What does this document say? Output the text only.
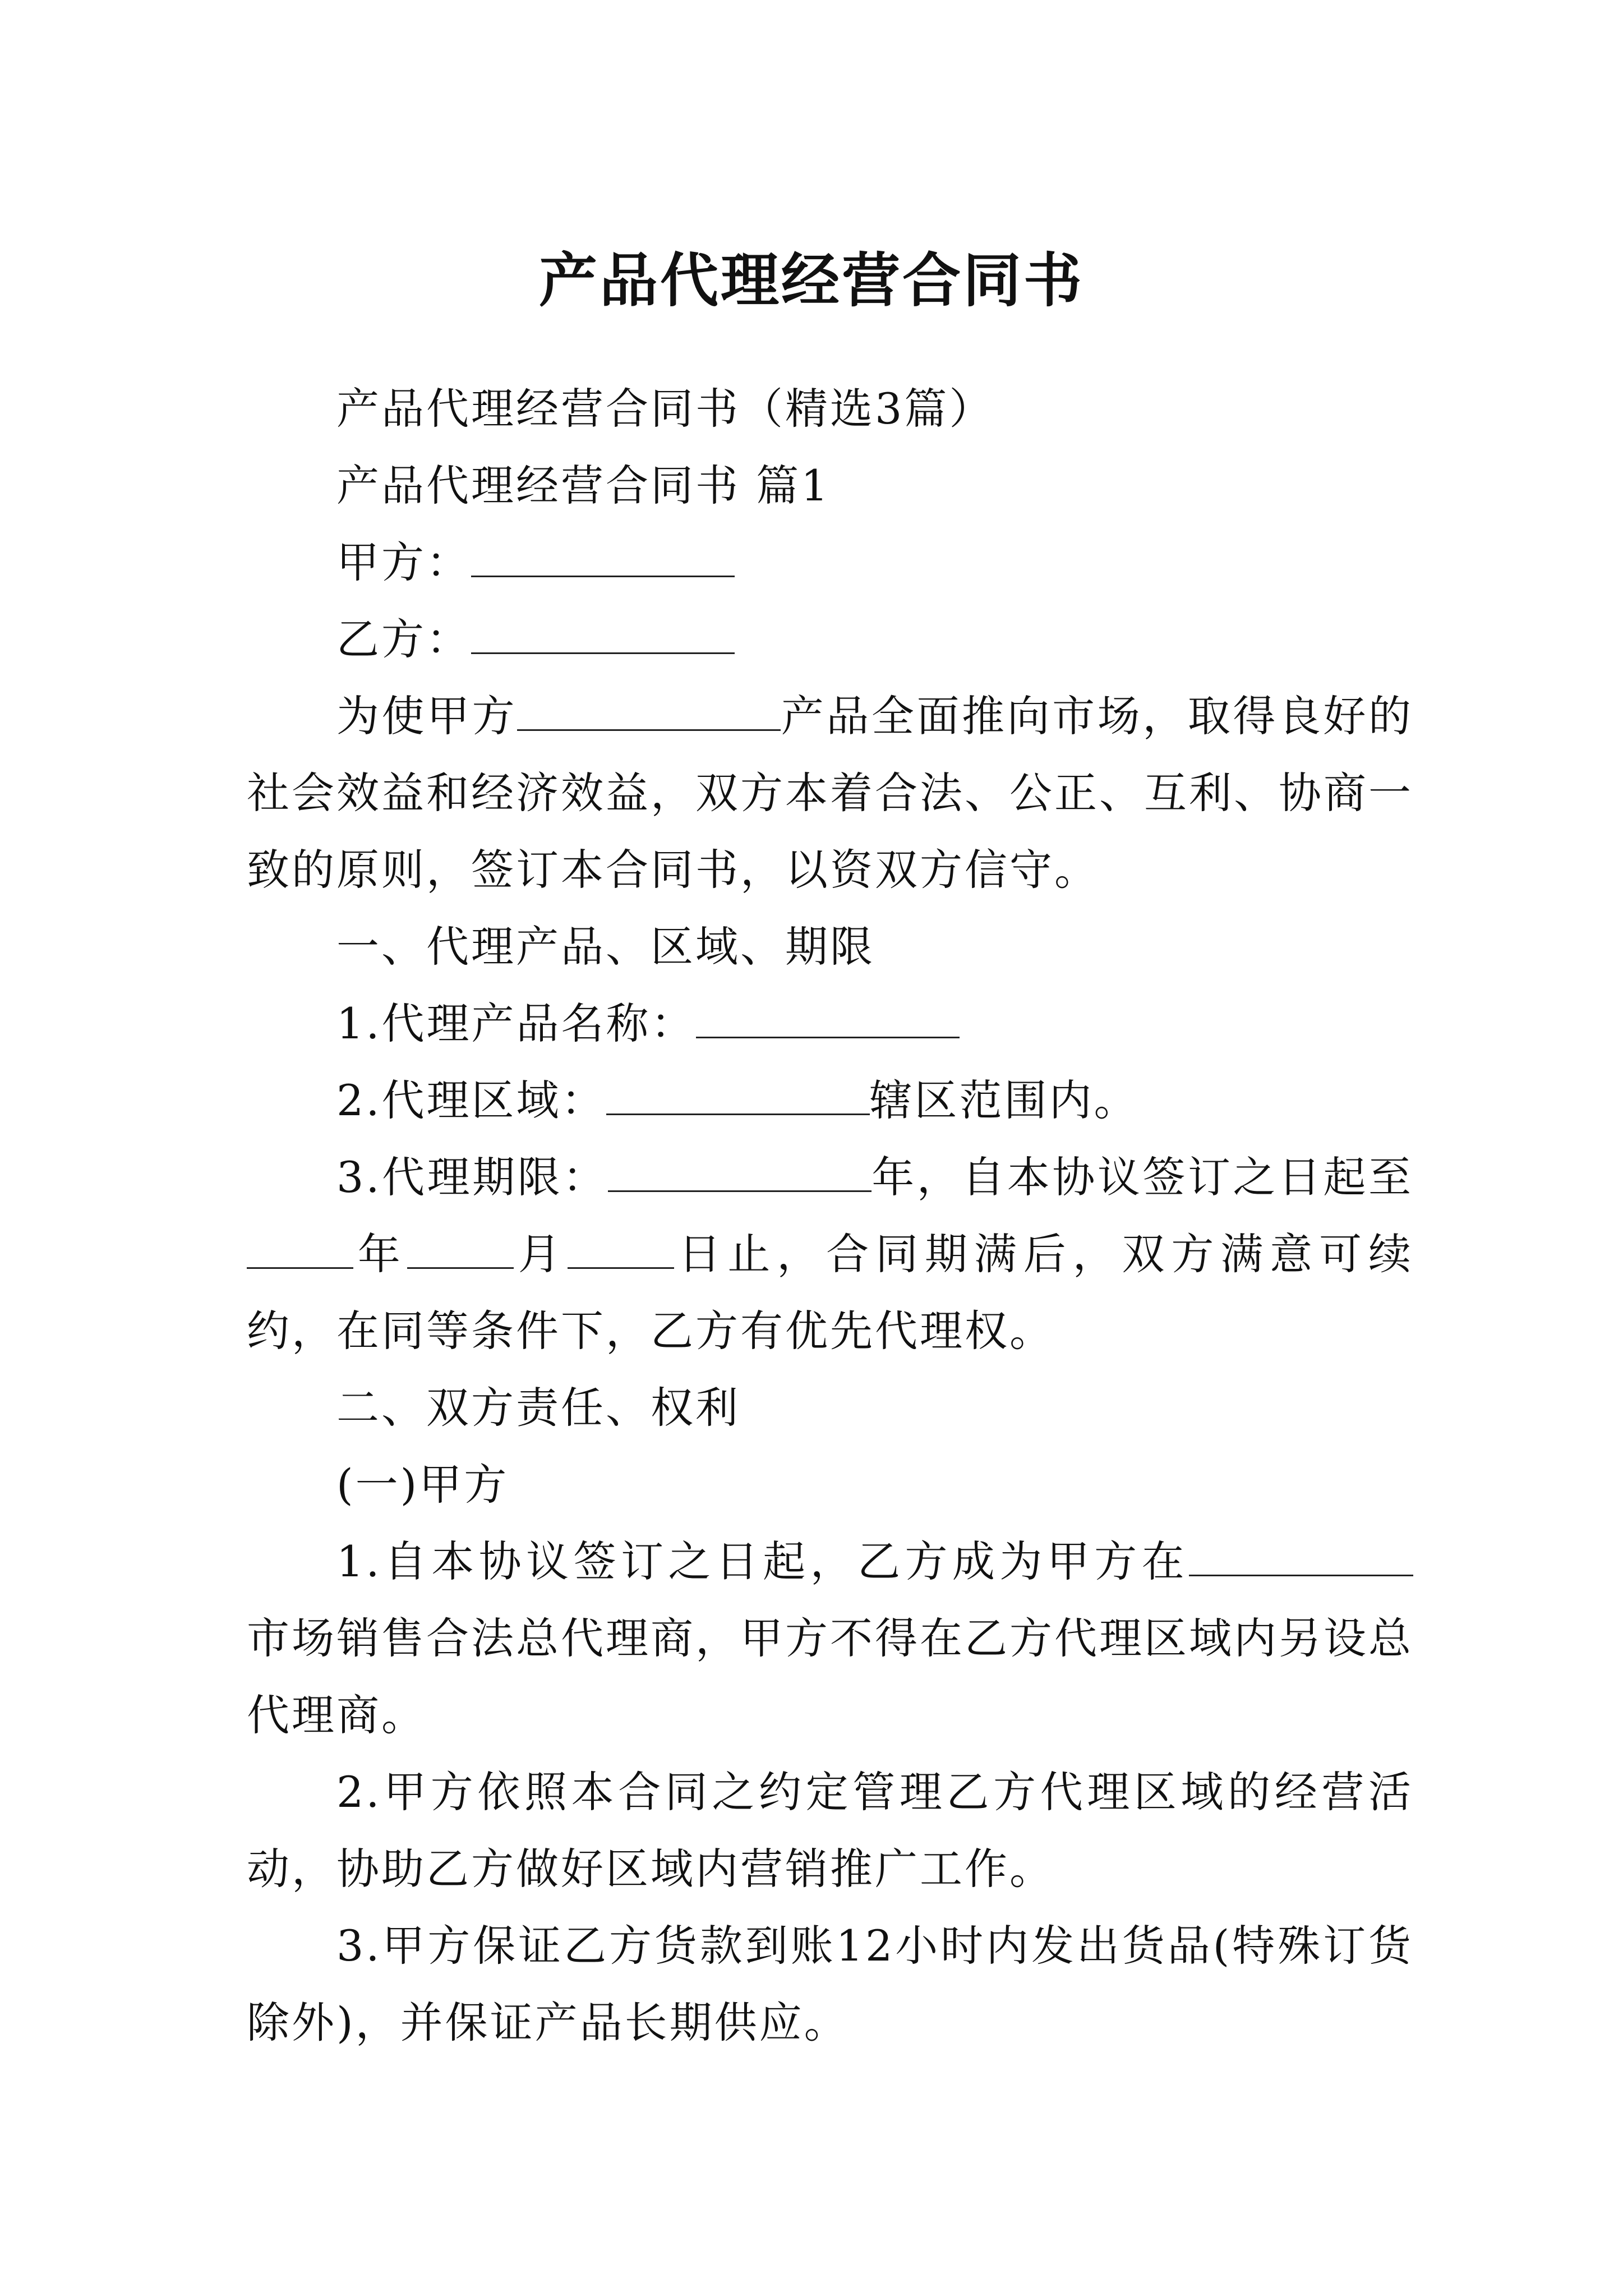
产品代理经营合同书

产品代理经营合同书（精选3篇）

产品代理经营合同书 篇1

甲方：

乙方：

为使甲方	产品全面推向市场，取得良好的社会效益和经济效益，双方本着合法、公正、互利、协商一致的原则，签订本合同书，以资双方信守。

一、代理产品、区域、期限

1.代理产品名称：

2.代理区域：	辖区范围内。

3.代理期限：	年，自本协议签订之日起至年	月	日止，合同期满后，双方满意可续约，在同等条件下，乙方有优先代理权。

二、双方责任、权利

(一)甲方

1.自本协议签订之日起，乙方成为甲方在市场销售合法总代理商，甲方不得在乙方代理区域内另设总代理商。

2.甲方依照本合同之约定管理乙方代理区域的经营活动，协助乙方做好区域内营销推广工作。

3.甲方保证乙方货款到账12小时内发出货品(特殊订货除外)，并保证产品长期供应。
